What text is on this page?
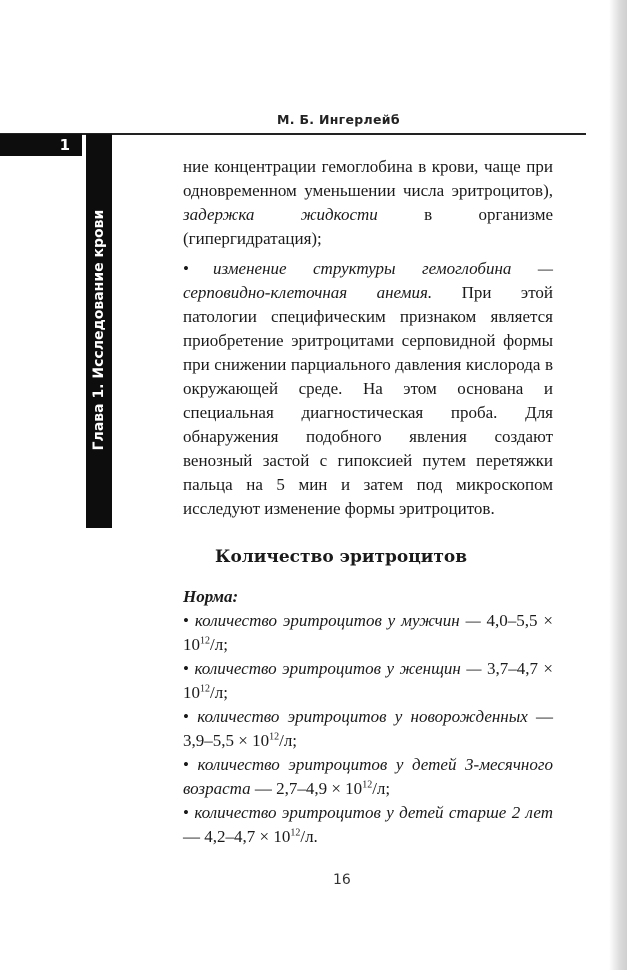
М. Б. Ингерлейб
1
Глава 1. Исследование крови

ние концентрации гемоглобина в крови, чаще при одновременном уменьшении числа эритроцитов), задержка жидкости в организме (гипергидратация);

• изменение структуры гемоглобина — серповидно-клеточная анемия. При этой патологии специфическим признаком является приобретение эритроцитами серповидной формы при снижении парциального давления кислорода в окружающей среде. На этом основана и специальная диагностическая проба. Для обнаружения подобного явления создают венозный застой с гипоксией путем перетяжки пальца на 5 мин и затем под микроскопом исследуют изменение формы эритроцитов.

Количество эритроцитов
Норма:

• количество эритроцитов у мужчин — $4,0-5,5 \times 10^{12}/л$;

• количество эритроцитов у женщин — $3,7-4,7 \times 10^{12}/л$;

• количество эритроцитов у новорожденных — $3,9-5,5 \times 10^{12}/л$;

• количество эритроцитов у детей 3-месячного возраста — $2,7-4,9 \times 10^{12}/л$;

• количество эритроцитов у детей старше 2 лет — $4,2-4,7 \times 10^{12}/л$.

16
